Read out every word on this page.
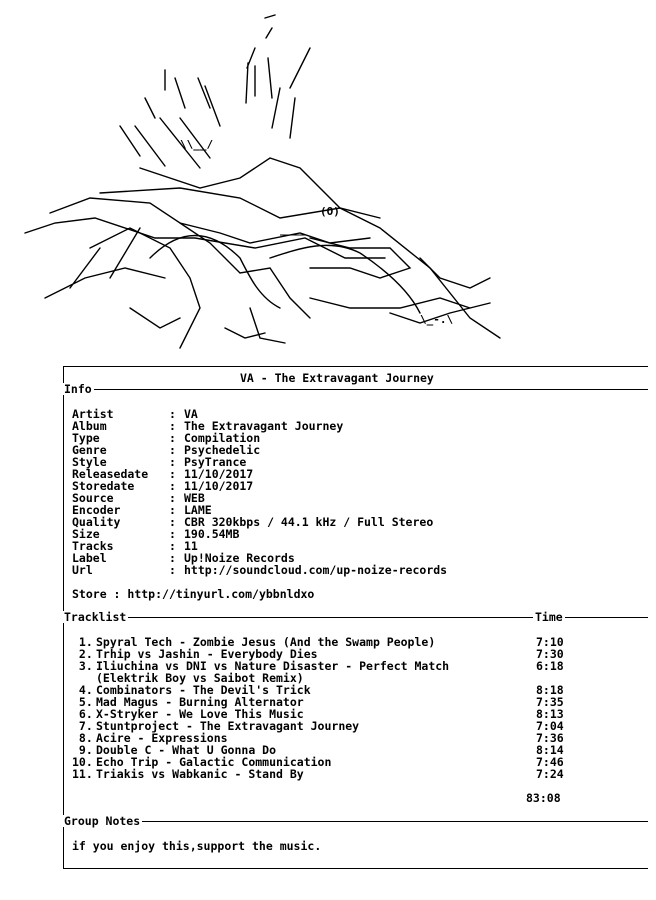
____
(O)
\\__/
\_-.\
VA - The Extravagant Journey
Info
Artist	: VA
Album	: The Extravagant Journey
Type	: Compilation
Genre	: Psychedelic
Style	: PsyTrance
Releasedate : 11/10/2017
Storedate	: 11/10/2017
Source	: WEB
Encoder	: LAME
Quality	: CBR 320kbps / 44.1 kHz / Full Stereo
Size	: 190.54MB
Tracks	: 11
Label	: Up!Noize Records
Url	: http://soundcloud.com/up-noize-records
Store : http://tinyurl.com/ybbnldxo
Tracklist	Time
1. Spyral Tech - Zombie Jesus (And the Swamp People)	7:10
2. Trhip vs Jashin - Everybody Dies	7:30
3. Iliuchina vs DNI vs Nature Disaster - Perfect Match	6:18
(Elektrik Boy vs Saibot Remix)
4. Combinators - The Devil's Trick	8:18
5. Mad Magus - Burning Alternator	7:35
6. X-Stryker - We Love This Music	8:13
7. Stuntproject - The Extravagant Journey	7:04
8. Acire - Expressions	7:36
9. Double C - What U Gonna Do	8:14
10. Echo Trip - Galactic Communication	7:46
11. Triakis vs Wabkanic - Stand By	7:24
83:08
Group Notes
if you enjoy this,support the music.
